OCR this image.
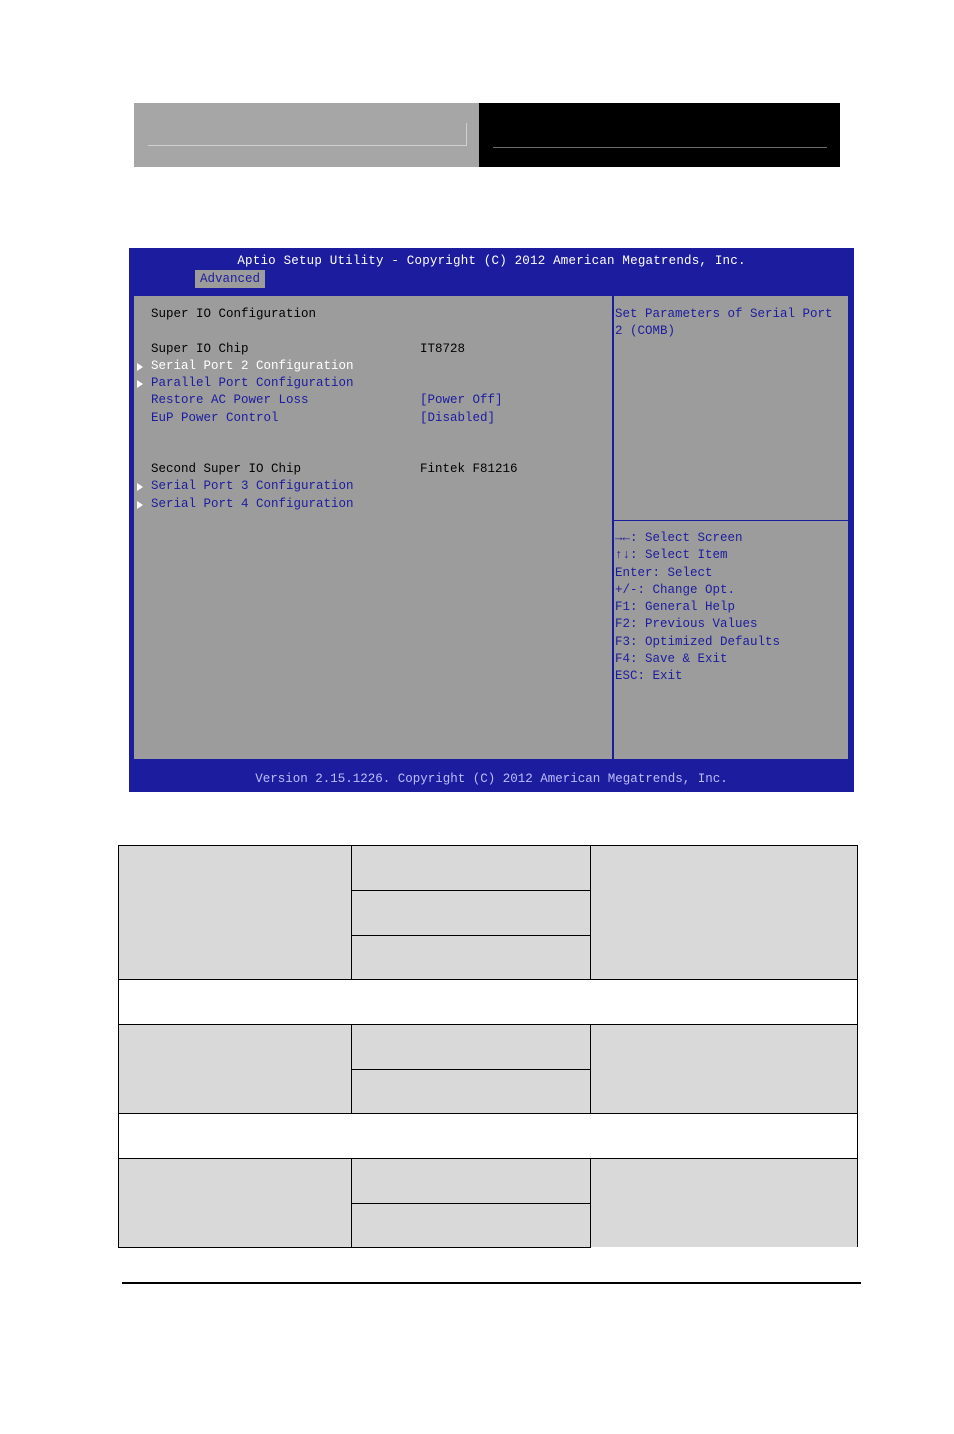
Aptio Setup Utility - Copyright (C) 2012 American Megatrends, Inc.
Advanced
Super IO Configuration
Super IO Chip	IT8728
Serial Port 2 Configuration
Parallel Port Configuration
Restore AC Power Loss	[Power Off]
EuP Power Control	[Disabled]
Second Super IO Chip	Fintek F81216
Serial Port 3 Configuration
Serial Port 4 Configuration
Set Parameters of Serial Port
2 (COMB)
→←: Select Screen
↑↓: Select Item
Enter: Select
+/-: Change Opt.
F1: General Help
F2: Previous Values
F3: Optimized Defaults
F4: Save & Exit
ESC: Exit
Version 2.15.1226. Copyright (C) 2012 American Megatrends, Inc.
